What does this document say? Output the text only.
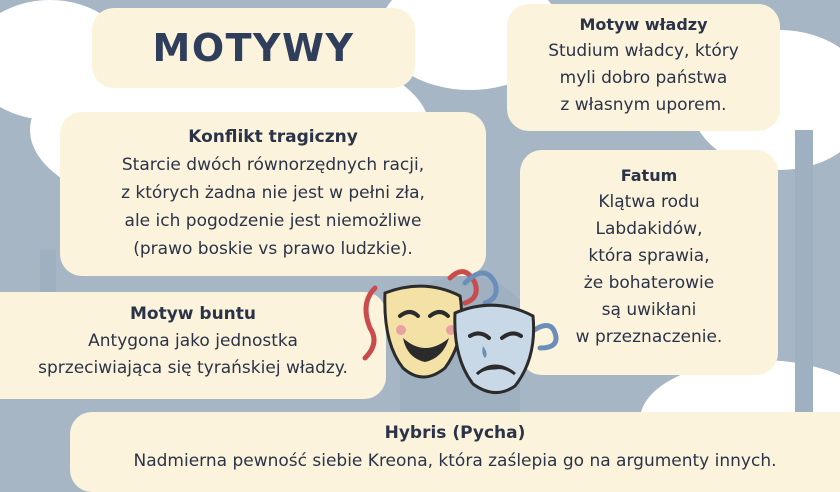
MOTYWY
Motyw władzy

Studium władcy, który

myli dobro państwa

z własnym uporem.

Konflikt tragiczny

Starcie dwóch równorzędnych racji,

z których żadna nie jest w pełni zła,

ale ich pogodzenie jest niemożliwe

(prawo boskie vs prawo ludzkie).

Fatum

Klątwa rodu

Labdakidów,

która sprawia,

że bohaterowie

są uwikłani

w przeznaczenie.

Motyw buntu

Antygona jako jednostka

sprzeciwiająca się tyrańskiej władzy.

Hybris (Pycha)

Nadmierna pewność siebie Kreona, która zaślepia go na argumenty innych.
